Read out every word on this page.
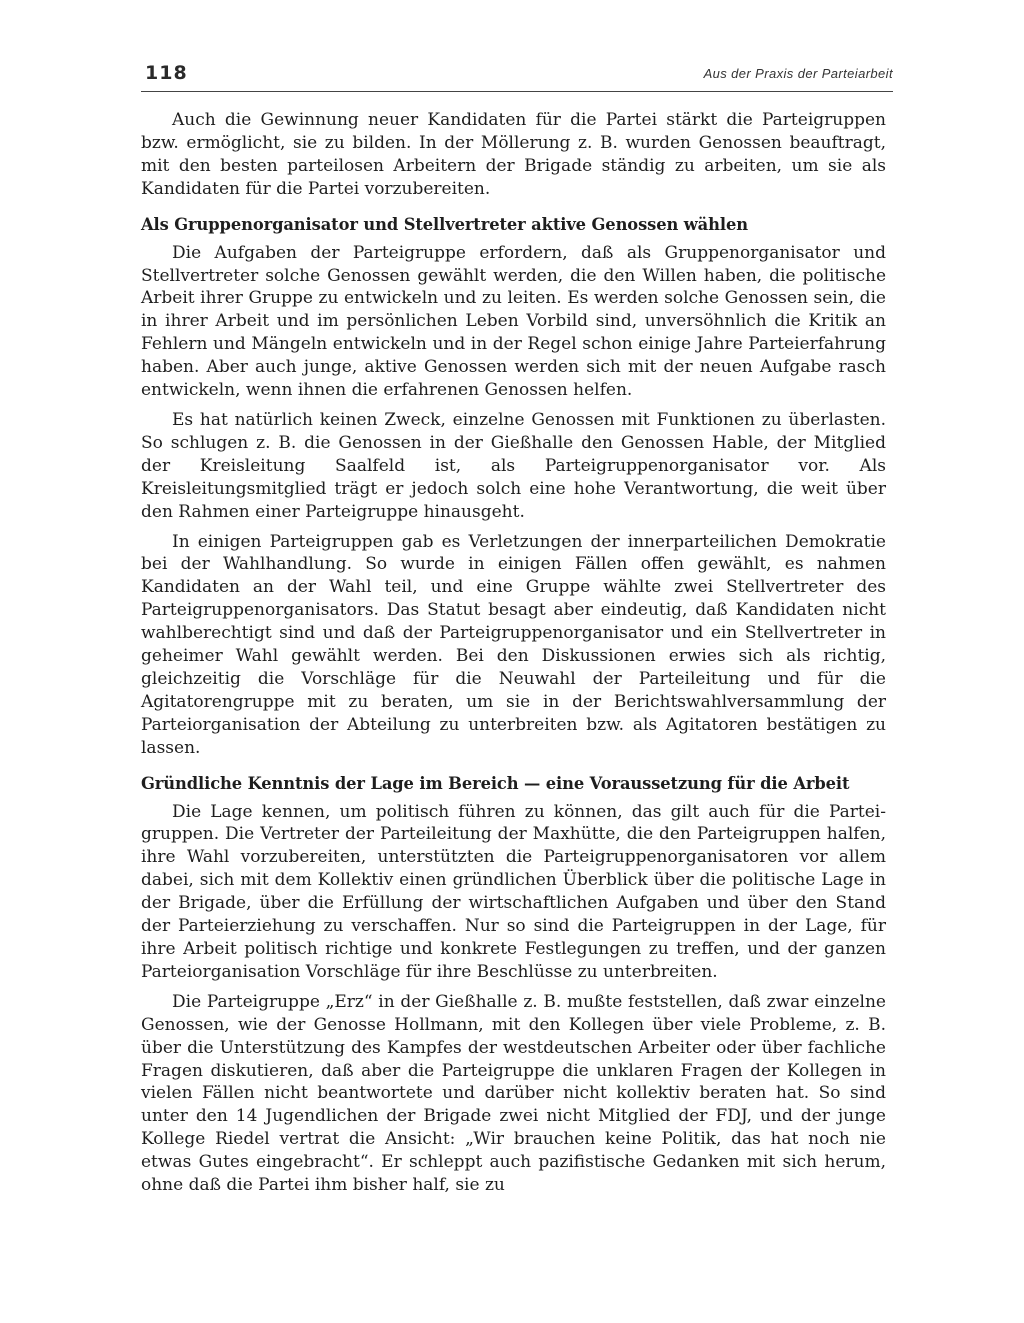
118	Aus der Praxis der Parteiarbeit

Auch die Gewinnung neuer Kandidaten für die Partei stärkt die Parteigruppen bzw. ermöglicht, sie zu bilden. In der Möllerung z. B. wurden Genossen beauftragt, mit den besten parteilosen Arbeitern der Brigade ständig zu arbeiten, um sie als Kandidaten für die Partei vorzubereiten.

Als Gruppenorganisator und Stellvertreter aktive Genossen wählen

Die Aufgaben der Parteigruppe erfordern, daß als Gruppenorganisator und Stellvertreter solche Genossen gewählt werden, die den Willen haben, die politische Arbeit ihrer Gruppe zu entwickeln und zu leiten. Es werden solche Genossen sein, die in ihrer Arbeit und im persönlichen Leben Vorbild sind, unversöhnlich die Kritik an Fehlern und Mängeln entwickeln und in der Regel schon einige Jahre Parteierfahrung haben. Aber auch junge, aktive Genossen werden sich mit der neuen Aufgabe rasch entwickeln, wenn ihnen die erfahrenen Genossen helfen.

Es hat natürlich keinen Zweck, einzelne Genossen mit Funktionen zu überlasten. So schlugen z. B. die Genossen in der Gießhalle den Genossen Hable, der Mitglied der Kreisleitung Saalfeld ist, als Parteigruppenorganisator vor. Als Kreisleitungsmitglied trägt er jedoch solch eine hohe Verantwortung, die weit über den Rahmen einer Parteigruppe hinausgeht.

In einigen Parteigruppen gab es Verletzungen der innerparteilichen Demokratie bei der Wahlhandlung. So wurde in einigen Fällen offen gewählt, es nahmen Kandidaten an der Wahl teil, und eine Gruppe wählte zwei Stellvertreter des Parteigruppenorganisators. Das Statut besagt aber eindeutig, daß Kandidaten nicht wahlberechtigt sind und daß der Parteigruppenorganisator und ein Stellvertreter in geheimer Wahl gewählt werden. Bei den Diskussionen erwies sich als richtig, gleichzeitig die Vorschläge für die Neuwahl der Parteileitung und für die Agitatorengruppe mit zu beraten, um sie in der Berichtswahlversammlung der Parteiorganisation der Abteilung zu unterbreiten bzw. als Agitatoren bestätigen zu lassen.

Gründliche Kenntnis der Lage im Bereich — eine Voraussetzung für die Arbeit

Die Lage kennen, um politisch führen zu können, das gilt auch für die Parteigruppen. Die Vertreter der Parteileitung der Maxhütte, die den Parteigruppen halfen, ihre Wahl vorzubereiten, unterstützten die Parteigruppenorganisatoren vor allem dabei, sich mit dem Kollektiv einen gründlichen Überblick über die politische Lage in der Brigade, über die Erfüllung der wirtschaftlichen Aufgaben und über den Stand der Parteierziehung zu verschaffen. Nur so sind die Parteigruppen in der Lage, für ihre Arbeit politisch richtige und konkrete Festlegungen zu treffen, und der ganzen Parteiorganisation Vorschläge für ihre Beschlüsse zu unterbreiten.

Die Parteigruppe „Erz“ in der Gießhalle z. B. mußte feststellen, daß zwar einzelne Genossen, wie der Genosse Hollmann, mit den Kollegen über viele Probleme, z. B. über die Unterstützung des Kampfes der westdeutschen Arbeiter oder über fachliche Fragen diskutieren, daß aber die Parteigruppe die unklaren Fragen der Kollegen in vielen Fällen nicht beantwortete und darüber nicht kollektiv beraten hat. So sind unter den 14 Jugendlichen der Brigade zwei nicht Mitglied der FDJ, und der junge Kollege Riedel vertrat die Ansicht: „Wir brauchen keine Politik, das hat noch nie etwas Gutes eingebracht“. Er schleppt auch pazifistische Gedanken mit sich herum, ohne daß die Partei ihm bisher half, sie zu
